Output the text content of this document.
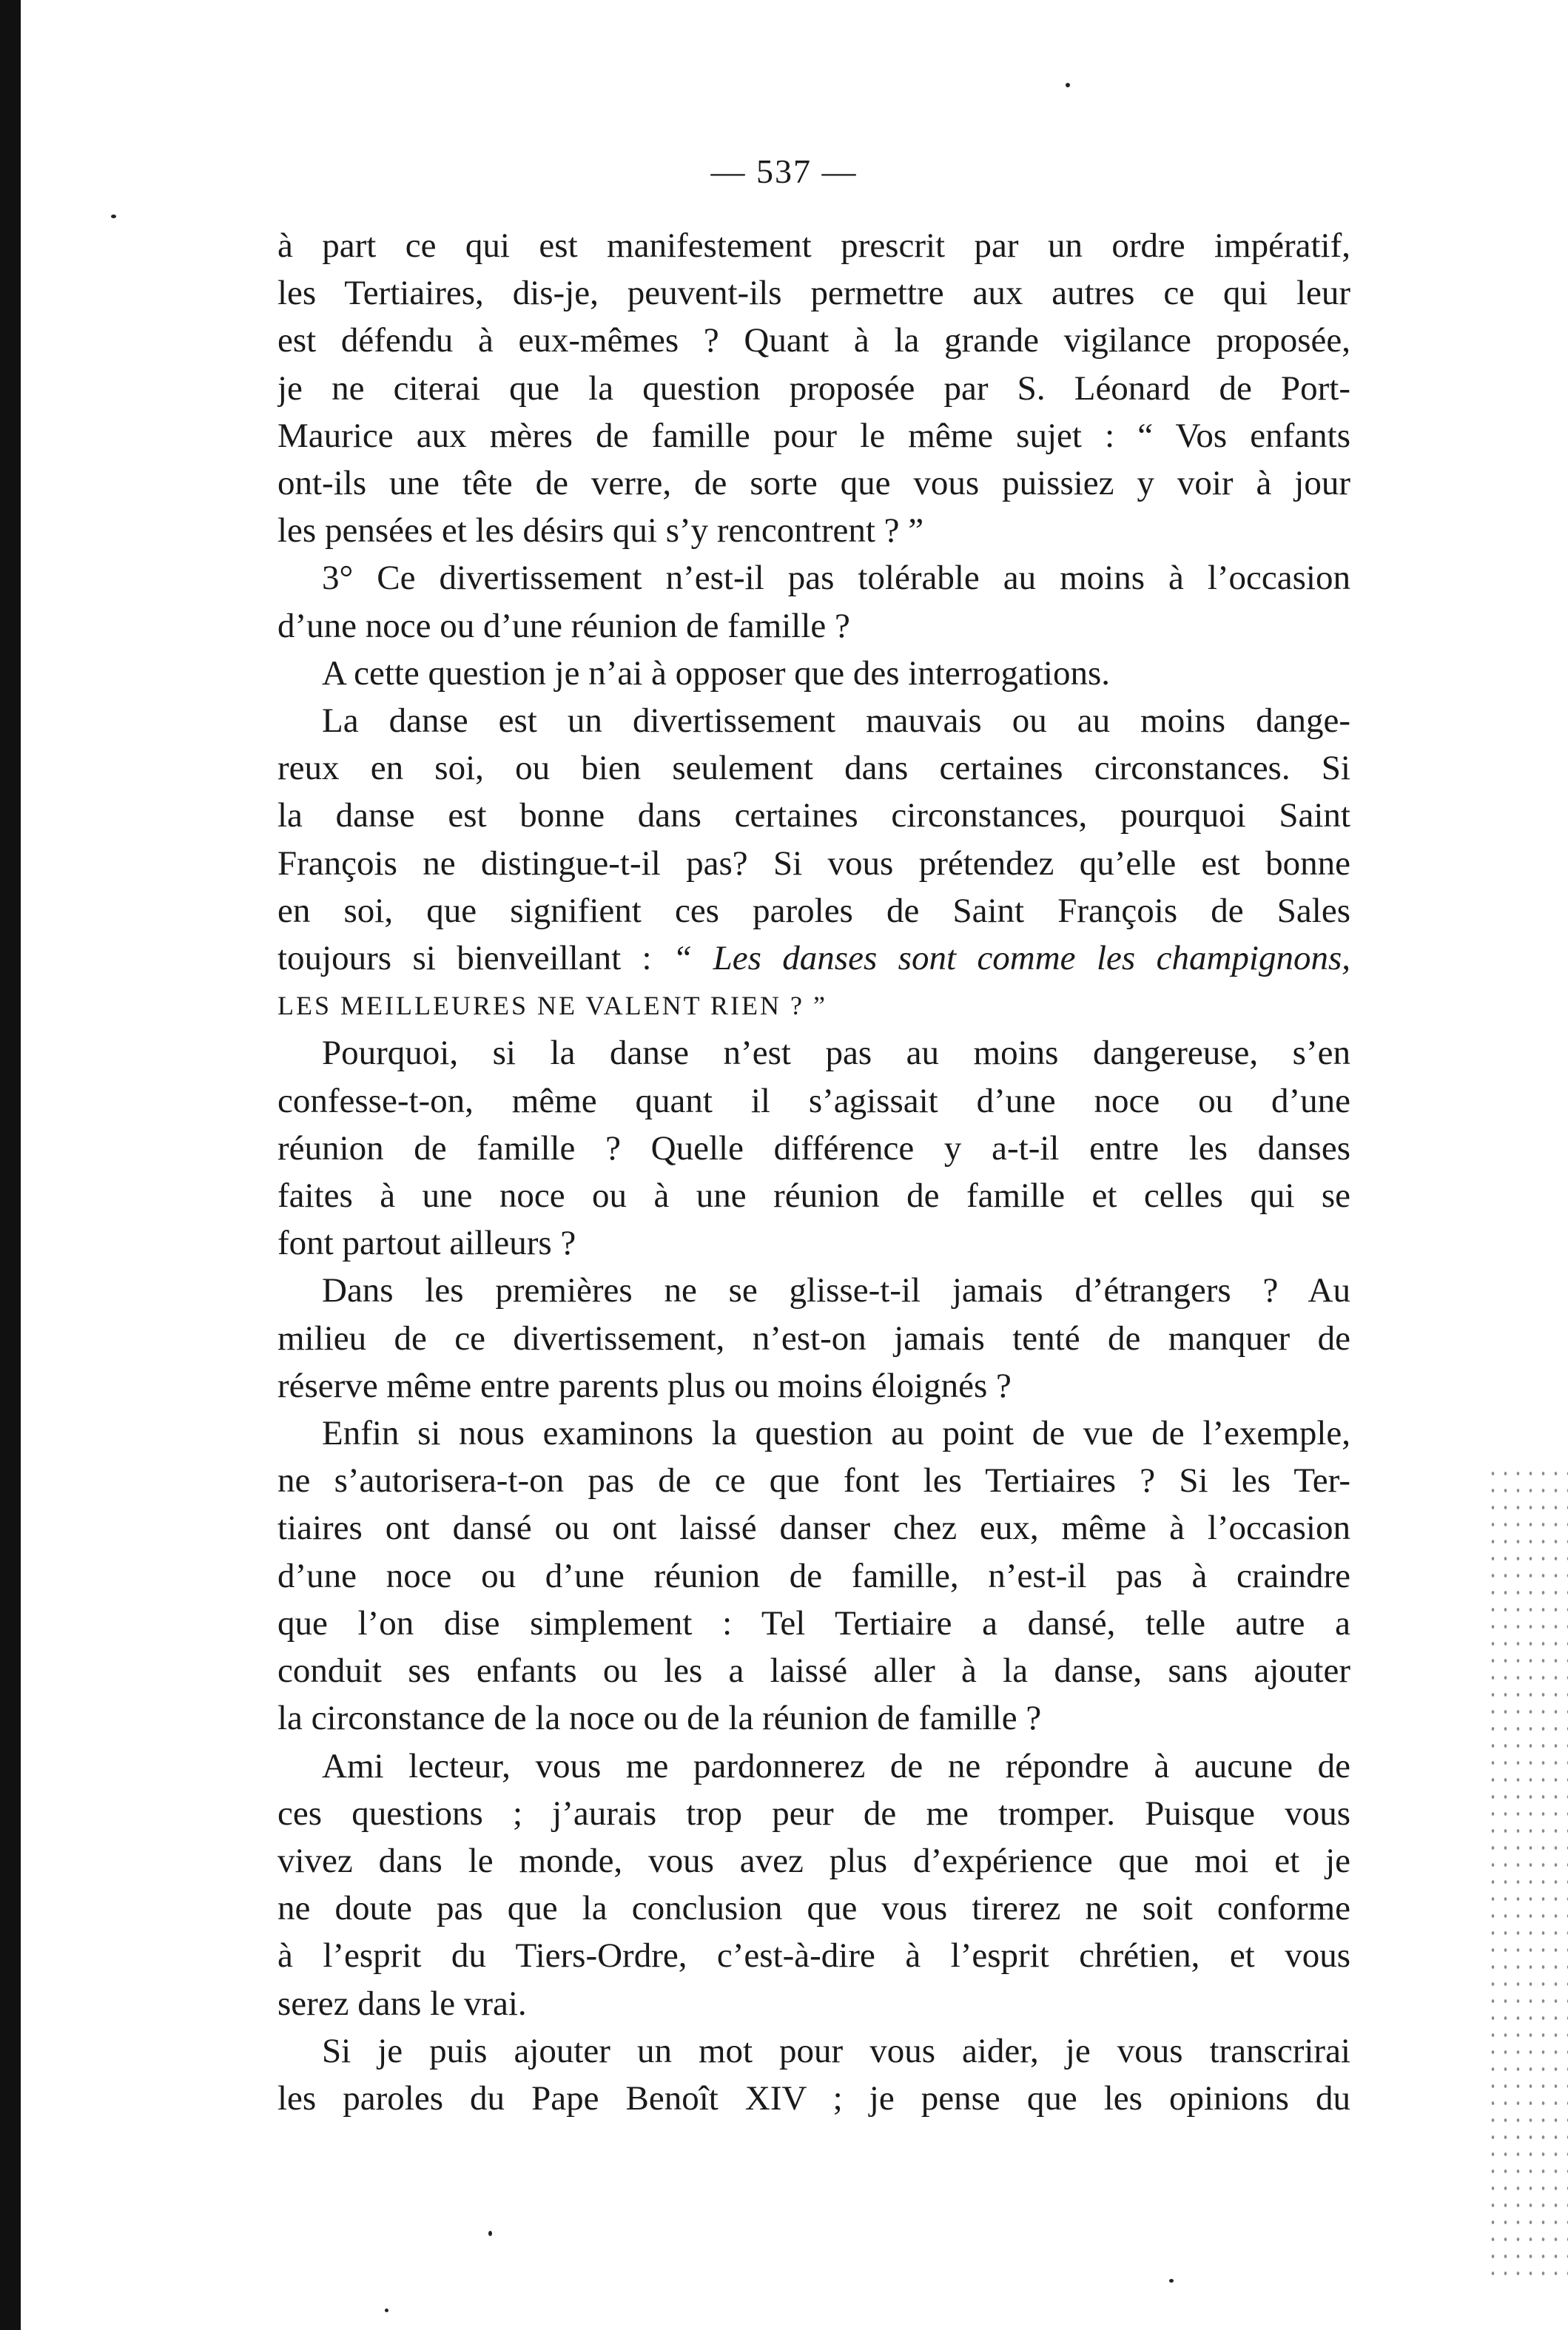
— 537 —
à part ce qui est manifestement prescrit par un ordre impératif,
les Tertiaires, dis-je, peuvent-ils permettre aux autres ce qui leur
est défendu à eux-mêmes ? Quant à la grande vigilance proposée,
je ne citerai que la question proposée par S. Léonard de Port-
Maurice aux mères de famille pour le même sujet : “ Vos enfants
ont-ils une tête de verre, de sorte que vous puissiez y voir à jour
les pensées et les désirs qui s’y rencontrent ? ”
3° Ce divertissement n’est-il pas tolérable au moins à l’occasion
d’une noce ou d’une réunion de famille ?
A cette question je n’ai à opposer que des interrogations.
La danse est un divertissement mauvais ou au moins dange-
reux en soi, ou bien seulement dans certaines circonstances. Si
la danse est bonne dans certaines circonstances, pourquoi Saint
François ne distingue-t-il pas? Si vous prétendez qu’elle est bonne
en soi, que signifient ces paroles de Saint François de Sales
toujours si bienveillant : “ Les danses sont comme les champignons,
LES MEILLEURES NE VALENT RIEN ? ”
Pourquoi, si la danse n’est pas au moins dangereuse, s’en
confesse-t-on, même quant il s’agissait d’une noce ou d’une
réunion de famille ? Quelle différence y a-t-il entre les danses
faites à une noce ou à une réunion de famille et celles qui se
font partout ailleurs ?
Dans les premières ne se glisse-t-il jamais d’étrangers ? Au
milieu de ce divertissement, n’est-on jamais tenté de manquer de
réserve même entre parents plus ou moins éloignés ?
Enfin si nous examinons la question au point de vue de l’exemple,
ne s’autorisera-t-on pas de ce que font les Tertiaires ? Si les Ter-
tiaires ont dansé ou ont laissé danser chez eux, même à l’occasion
d’une noce ou d’une réunion de famille, n’est-il pas à craindre
que l’on dise simplement : Tel Tertiaire a dansé, telle autre a
conduit ses enfants ou les a laissé aller à la danse, sans ajouter
la circonstance de la noce ou de la réunion de famille ?
Ami lecteur, vous me pardonnerez de ne répondre à aucune de
ces questions ; j’aurais trop peur de me tromper. Puisque vous
vivez dans le monde, vous avez plus d’expérience que moi et je
ne doute pas que la conclusion que vous tirerez ne soit conforme
à l’esprit du Tiers-Ordre, c’est-à-dire à l’esprit chrétien, et vous
serez dans le vrai.
Si je puis ajouter un mot pour vous aider, je vous transcrirai
les paroles du Pape Benoît XIV ; je pense que les opinions du
